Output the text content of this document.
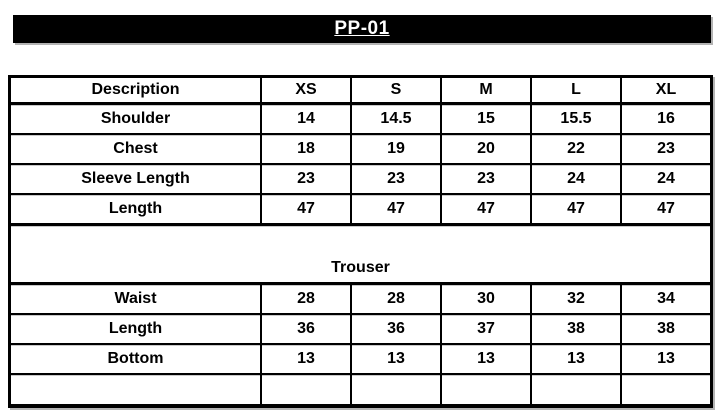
PP-01
Description	XS	S	M	L	XL
Shoulder	14	14.5	15	15.5	16
Chest	18	19	20	22	23
Sleeve Length	23	23	23	24	24
Length	47	47	47	47	47
Trouser
Waist	28	28	30	32	34
Length	36	36	37	38	38
Bottom	13	13	13	13	13
